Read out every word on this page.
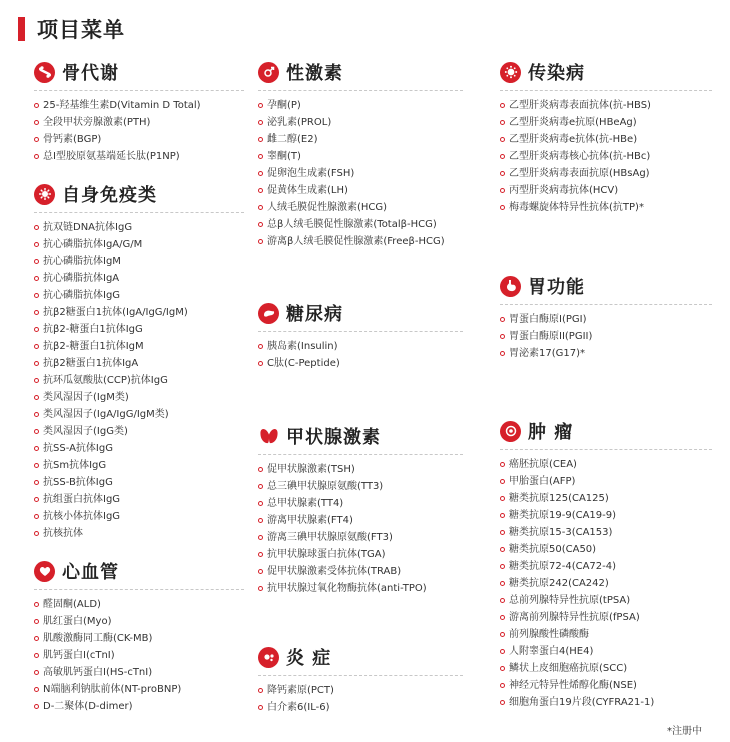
项目菜单
骨代谢
25-羟基维生素D(Vitamin D Total)
全段甲状旁腺激素(PTH)
骨钙素(BGP)
总I型胶原氨基端延长肽(P1NP)
自身免疫类
抗双链DNA抗体IgG
抗心磷脂抗体IgA/G/M
抗心磷脂抗体IgM
抗心磷脂抗体IgA
抗心磷脂抗体IgG
抗β2糖蛋白1抗体(IgA/IgG/IgM)
抗β2-糖蛋白1抗体IgG
抗β2-糖蛋白1抗体IgM
抗β2糖蛋白1抗体IgA
抗环瓜氨酸肽(CCP)抗体IgG
类风湿因子(IgM类)
类风湿因子(IgA/IgG/IgM类)
类风湿因子(IgG类)
抗SS-A抗体IgG
抗Sm抗体IgG
抗SS-B抗体IgG
抗组蛋白抗体IgG
抗核小体抗体IgG
抗核抗体
心血管
醛固酮(ALD)
肌红蛋白(Myo)
肌酸激酶同工酶(CK-MB)
肌钙蛋白I(cTnI)
高敏肌钙蛋白I(HS-cTnI)
N端脑利钠肽前体(NT-proBNP)
D-二聚体(D-dimer)
性激素
孕酮(P)
泌乳素(PROL)
雌二醇(E2)
睾酮(T)
促卵泡生成素(FSH)
促黄体生成素(LH)
人绒毛膜促性腺激素(HCG)
总β人绒毛膜促性腺激素(Totalβ-HCG)
游离β人绒毛膜促性腺激素(Freeβ-HCG)
糖尿病
胰岛素(Insulin)
C肽(C-Peptide)
甲状腺激素
促甲状腺激素(TSH)
总三碘甲状腺原氨酸(TT3)
总甲状腺素(TT4)
游离甲状腺素(FT4)
游离三碘甲状腺原氨酸(FT3)
抗甲状腺球蛋白抗体(TGA)
促甲状腺激素受体抗体(TRAB)
抗甲状腺过氧化物酶抗体(anti-TPO)
炎 症
降钙素原(PCT)
白介素6(IL-6)
传染病
乙型肝炎病毒表面抗体(抗-HBS)
乙型肝炎病毒e抗原(HBeAg)
乙型肝炎病毒e抗体(抗-HBe)
乙型肝炎病毒核心抗体(抗-HBc)
乙型肝炎病毒表面抗原(HBsAg)
丙型肝炎病毒抗体(HCV)
梅毒螺旋体特异性抗体(抗TP)*
胃功能
胃蛋白酶原I(PGI)
胃蛋白酶原II(PGII)
胃泌素17(G17)*
肿 瘤
癌胚抗原(CEA)
甲胎蛋白(AFP)
糖类抗原125(CA125)
糖类抗原19-9(CA19-9)
糖类抗原15-3(CA153)
糖类抗原50(CA50)
糖类抗原72-4(CA72-4)
糖类抗原242(CA242)
总前列腺特异性抗原(tPSA)
游离前列腺特异性抗原(fPSA)
前列腺酸性磷酸酶
人附睾蛋白4(HE4)
鳞状上皮细胞癌抗原(SCC)
神经元特异性烯醇化酶(NSE)
细胞角蛋白19片段(CYFRA21-1)
*注册中
